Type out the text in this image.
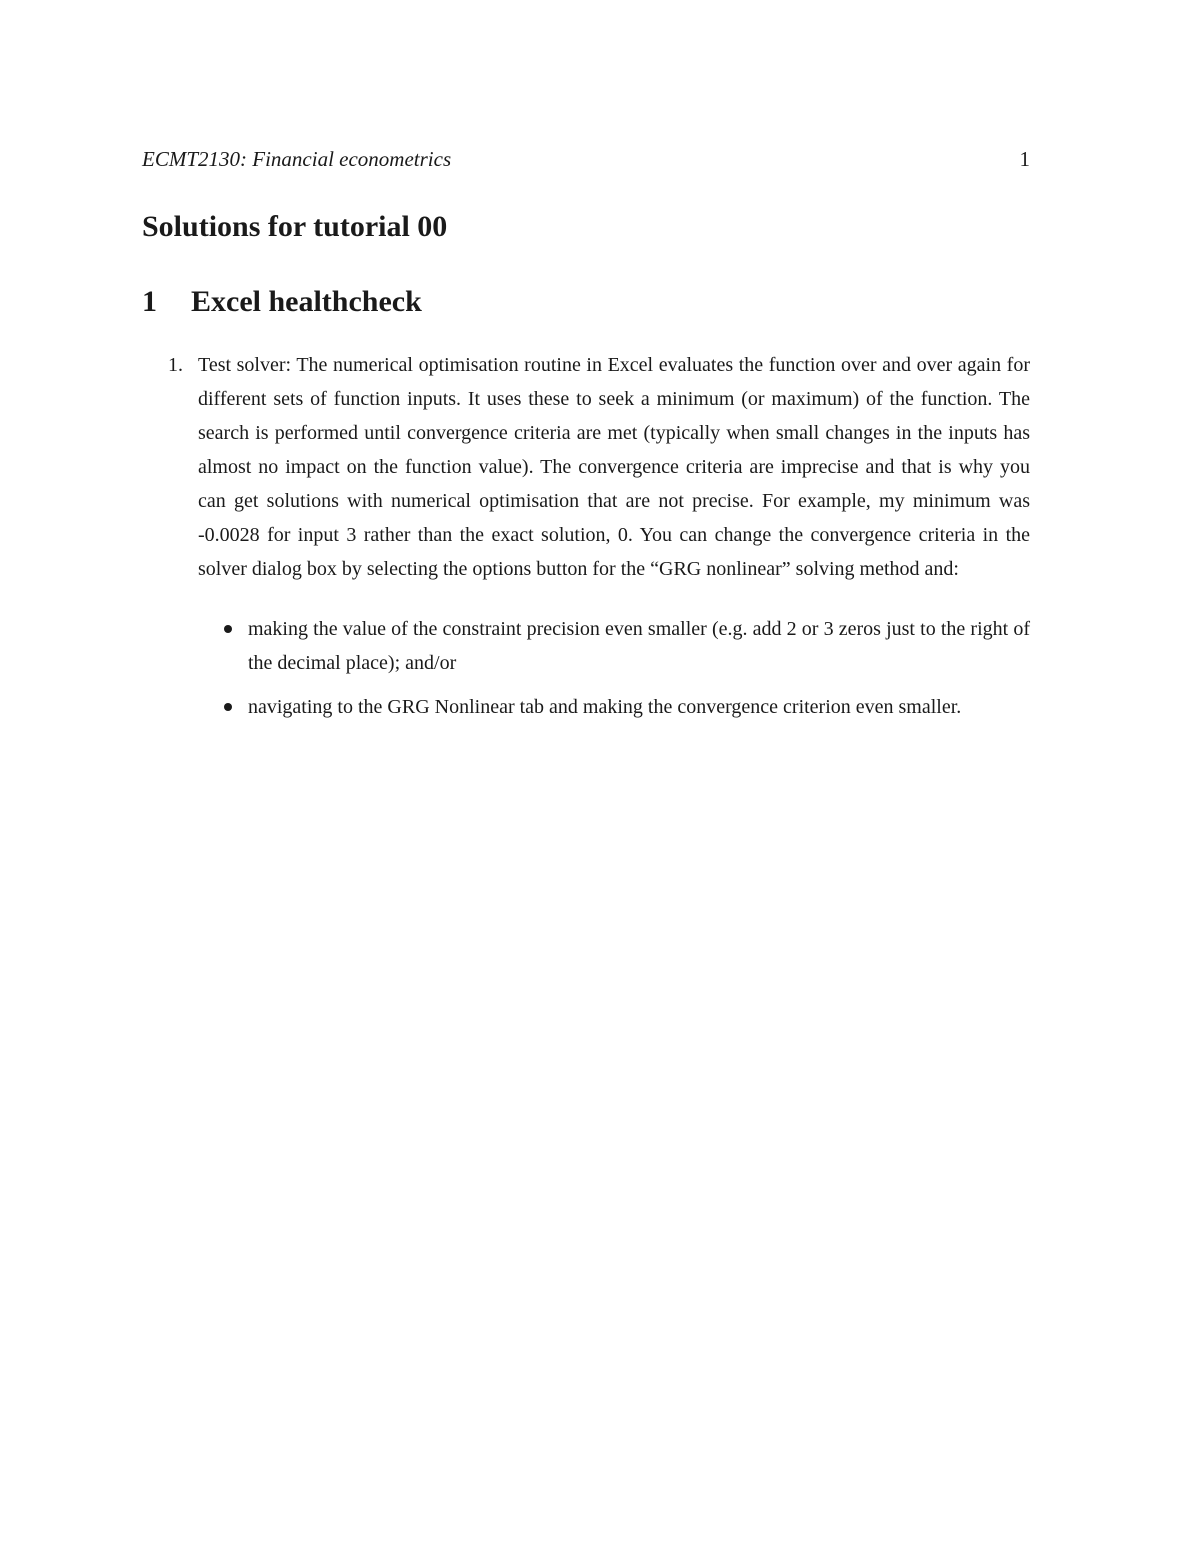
ECMT2130: Financial econometrics	1
Solutions for tutorial 00
1 Excel healthcheck
1. Test solver: The numerical optimisation routine in Excel evaluates the function over and over again for different sets of function inputs. It uses these to seek a minimum (or maximum) of the function. The search is performed until convergence criteria are met (typically when small changes in the inputs has almost no impact on the function value). The convergence criteria are imprecise and that is why you can get solutions with numerical optimisation that are not precise. For example, my minimum was -0.0028 for input 3 rather than the exact solution, 0. You can change the convergence criteria in the solver dialog box by selecting the options button for the “GRG nonlinear” solving method and:
making the value of the constraint precision even smaller (e.g. add 2 or 3 zeros just to the right of the decimal place); and/or
navigating to the GRG Nonlinear tab and making the convergence criterion even smaller.
